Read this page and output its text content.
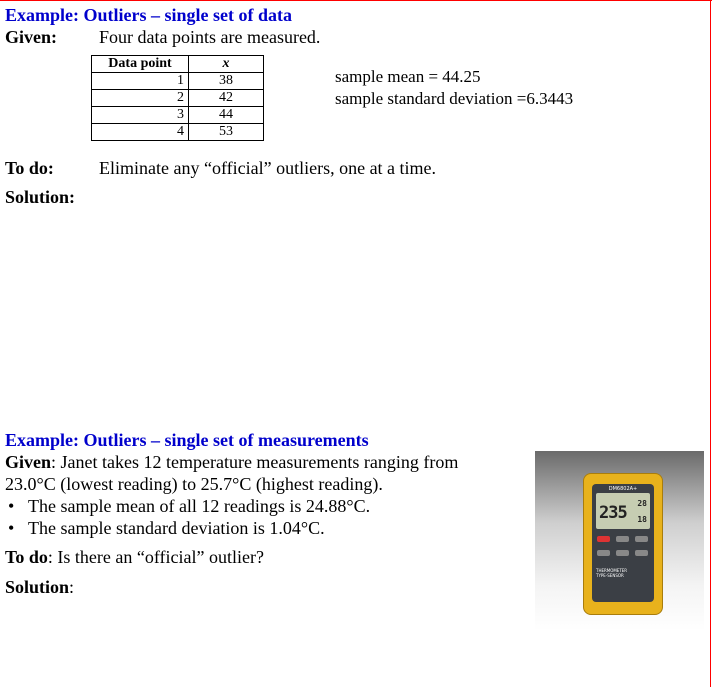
Example: Outliers – single set of data
Given: Four data points are measured.
Data point	x
1	38
2	42
3	44
4	53
sample mean = 44.25
sample standard deviation =6.3443
To do:	Eliminate any “official” outliers, one at a time.
Solution:
Example: Outliers – single set of measurements
Given: Janet takes 12 temperature measurements ranging from
23.0°C (lowest reading) to 25.7°C (highest reading).
• The sample mean of all 12 readings is 24.88°C.
• The sample standard deviation is 1.04°C.
To do: Is there an “official” outlier?
Solution:
DM6802A+
235 28
18
THERMOMETER
TYPE-SENSOR
